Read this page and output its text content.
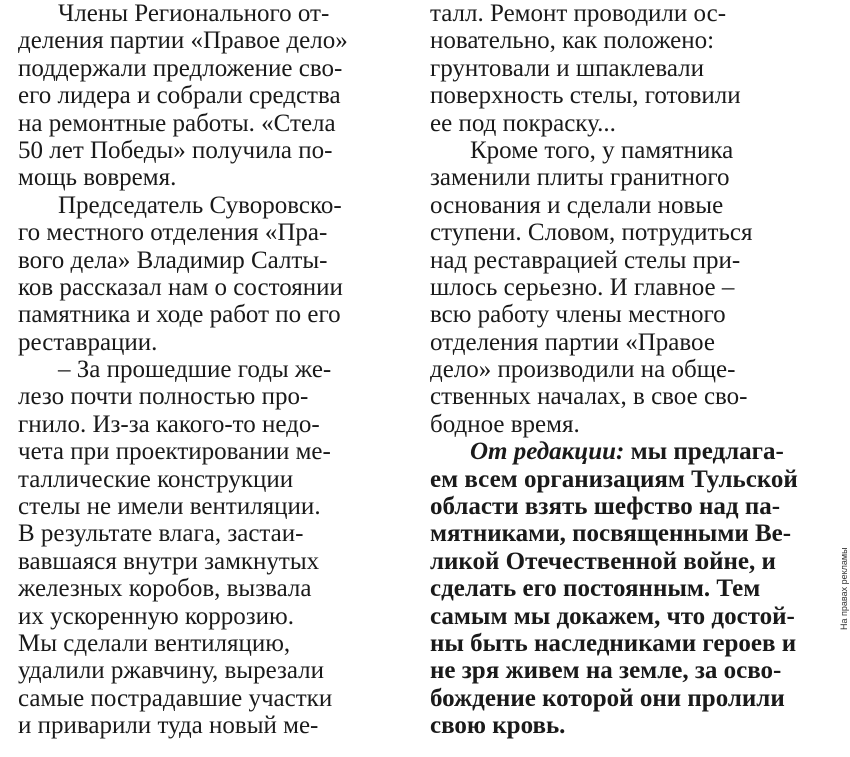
Члены Регионального от-
деления партии «Правое дело»
поддержали предложение сво-
его лидера и собрали средства
на ремонтные работы. «Стела
50 лет Победы» получила по-
мощь вовремя.
Председатель Суворовско-
го местного отделения «Пра-
вого дела» Владимир Салты-
ков рассказал нам о состоянии
памятника и ходе работ по его
реставрации.
– За прошедшие годы же-
лезо почти полностью про-
гнило. Из-за какого-то недо-
чета при проектировании ме-
таллические конструкции
стелы не имели вентиляции.
В результате влага, застаи-
вавшаяся внутри замкнутых
железных коробов, вызвала
их ускоренную коррозию.
Мы сделали вентиляцию,
удалили ржавчину, вырезали
самые пострадавшие участки
и приварили туда новый ме-
талл. Ремонт проводили ос-
новательно, как положено:
грунтовали и шпаклевали
поверхность стелы, готовили
ее под покраску...
Кроме того, у памятника
заменили плиты гранитного
основания и сделали новые
ступени. Словом, потрудиться
над реставрацией стелы при-
шлось серьезно. И главное –
всю работу члены местного
отделения партии «Правое
дело» производили на обще-
ственных началах, в свое сво-
бодное время.
От редакции: мы предлага-
ем всем организациям Тульской
области взять шефство над па-
мятниками, посвященными Ве-
ликой Отечественной войне, и
сделать его постоянным. Тем
самым мы докажем, что достой-
ны быть наследниками героев и
не зря живем на земле, за осво-
бождение которой они пролили
свою кровь.
На правах рекламы
